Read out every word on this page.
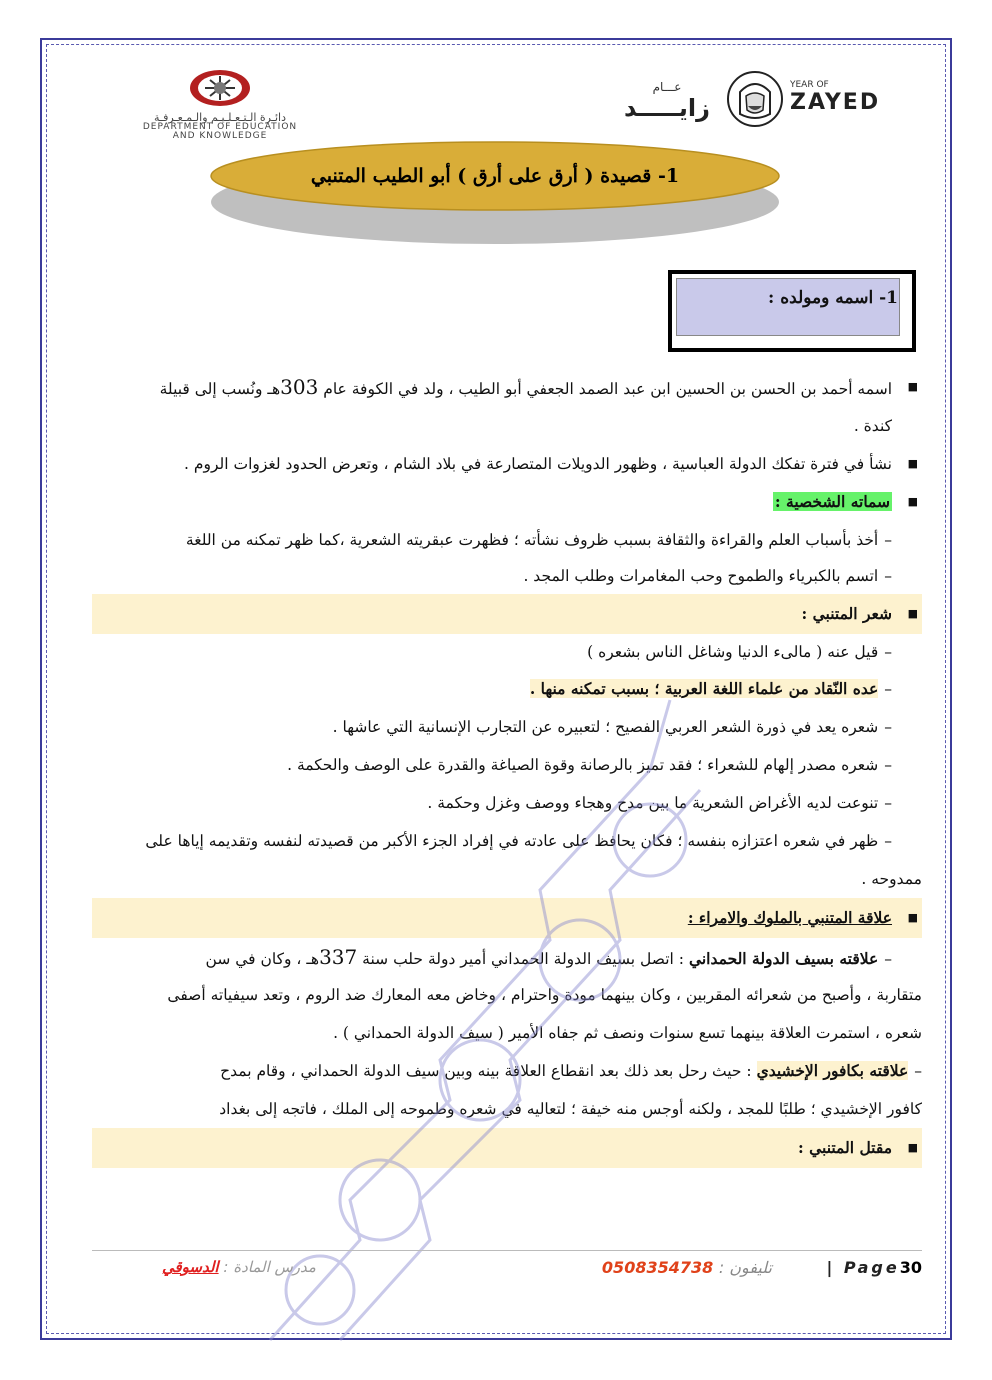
دائـرة الـتـعـلـيـم والـمـعـرفـة
DEPARTMENT OF EDUCATION
AND KNOWLEDGE
عـــام
زايـــــد
YEAR OF
ZAYED
1- قصيدة ( أرق على أرق ) أبو الطيب المتنبي
1- اسمه ومولده :
■
اسمه أحمد بن الحسن بن الحسين ابن عبد الصمد الجعفي أبو الطيب ، ولد في الكوفة عام 303هـ ونُسب إلى قبيلة
كندة .
■
نشأ في فترة تفكك الدولة العباسية ، وظهور الدويلات المتصارعة في بلاد الشام ، وتعرض الحدود لغزوات الروم .
■
سماته الشخصية :
–أخذ بأسباب العلم والقراءة والثقافة بسبب ظروف نشأته ؛ فظهرت عبقريته الشعرية ،كما ظهر تمكنه من اللغة
–اتسم بالكبرياء والطموح وحب المغامرات وطلب المجد .
■
شعر المتنبي :
–قيل عنه ( مالىء الدنيا وشاغل الناس بشعره )
–عده النّقاد من علماء اللغة العربية ؛ بسبب تمكنه منها .
–شعره يعد في ذورة الشعر العربي الفصيح ؛ لتعبيره عن التجارب الإنسانية التي عاشها .
–شعره مصدر إلهام للشعراء ؛ فقد تميز بالرصانة وقوة الصياغة والقدرة على الوصف والحكمة .
–تنوعت لديه الأغراض الشعرية ما بين مدح وهجاء ووصف وغزل وحكمة .
–ظهر في شعره اعتزازه بنفسه ؛ فكان يحافظ على عادته في إفراد الجزء الأكبر من قصيدته لنفسه وتقديمه إياها على
ممدوحه .
■
علاقة المتنبي بالملوك والامراء :
–علاقته بسيف الدولة الحمداني : اتصل بسيف الدولة الحمداني أمير دولة حلب سنة 337هـ ، وكان في سن
متقاربة ، وأصبح من شعرائه المقربين ، وكان بينهما مودة واحترام ، وخاض معه المعارك ضد الروم ، وتعد سيفياته أصفى
شعره ، استمرت العلاقة بينهما تسع سنوات ونصف ثم جفاه الأمير ( سيف الدولة الحمداني ) .
–علاقته بكافور الإخشيدي : حيث رحل بعد ذلك بعد انقطاع العلاقة بينه وبين سيف الدولة الحمداني ، وقام بمدح
كافور الإخشيدي ؛ طلبًا للمجد ، ولكنه أوجس منه خيفة ؛ لتعاليه في شعره وطموحه إلى الملك ، فاتجه إلى بغداد
■
مقتل المتنبي :
| Page30
تليفون : 0508354738
مدرس المادة : الدسوقي
